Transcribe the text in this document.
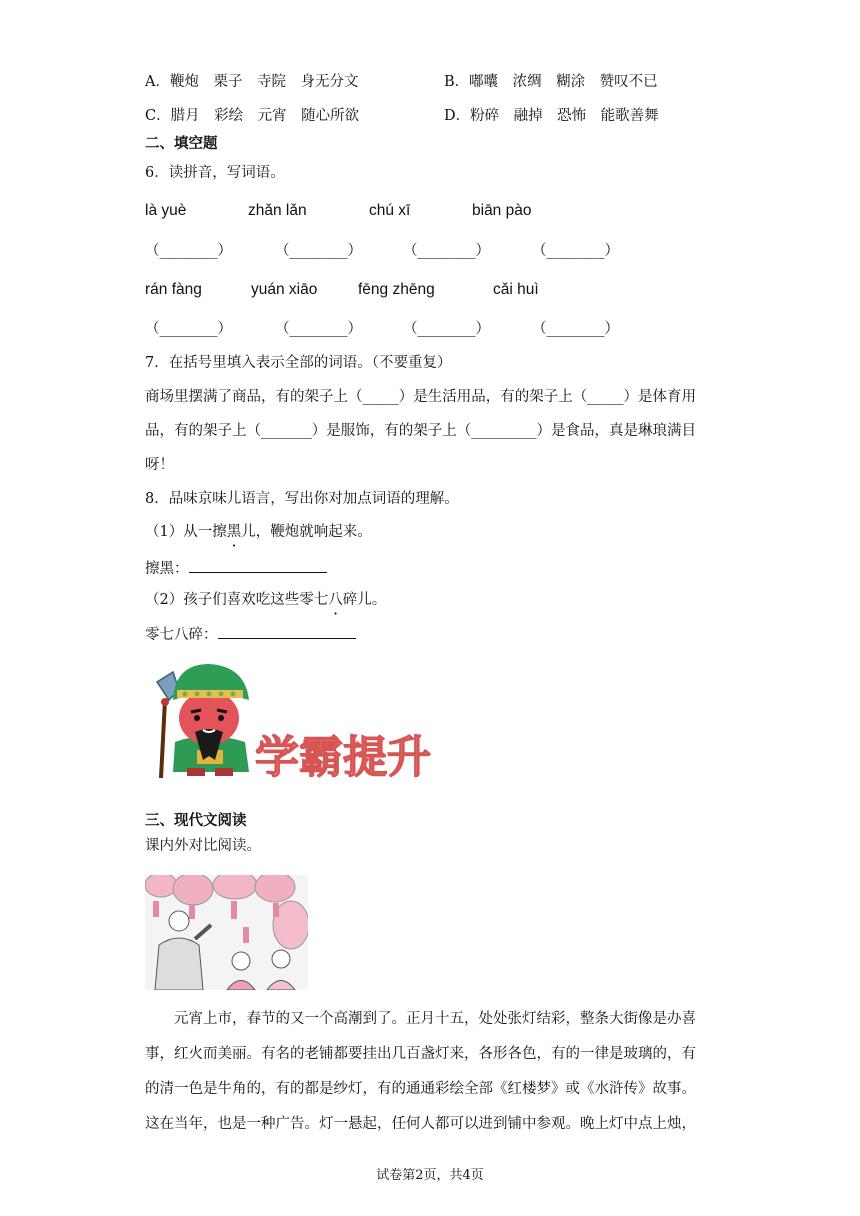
A．鞭炮　栗子　寺院　身无分文	B．嘟囔　浓绸　糊涂　赞叹不已
C．腊月　彩绘　元宵　随心所欲	D．粉碎　融掉　恐怖　能歌善舞
二、填空题
6．读拼音，写词语。
là yuè	zhǎn lǎn	chú xī	biān pào
（________）	（________）	（________）	（________）
rán fàng	yuán xiāo	fēng zhēng	cǎi huì
（________）	（________）	（________）	（________）
7．在括号里填入表示全部的词语。（不要重复）
商场里摆满了商品，有的架子上（_____）是生活用品，有的架子上（_____）是体育用
品，有的架子上（_______）是服饰，有的架子上（_________）是食品，真是琳琅满目
呀！
8．品味京味儿语言，写出你对加点词语的理解。
（1）从一擦黑儿，鞭炮就响起来。
擦黑：
（2）孩子们喜欢吃这些零七八碎儿 ·。
零七八碎：
学霸提升
三、现代文阅读
课内外对比阅读。
　　元宵上市，春节的又一个高潮到了。正月十五，处处张灯结彩，整条大街像是办喜
事，红火而美丽。有名的老铺都要挂出几百盏灯来，各形各色，有的一律是玻璃的，有
的清一色是牛角的，有的都是纱灯，有的通通彩绘全部《红楼梦》或《水浒传》故事。
这在当年，也是一种广告。灯一悬起，任何人都可以进到铺中参观。晚上灯中点上烛，
试卷第2页，共4页
